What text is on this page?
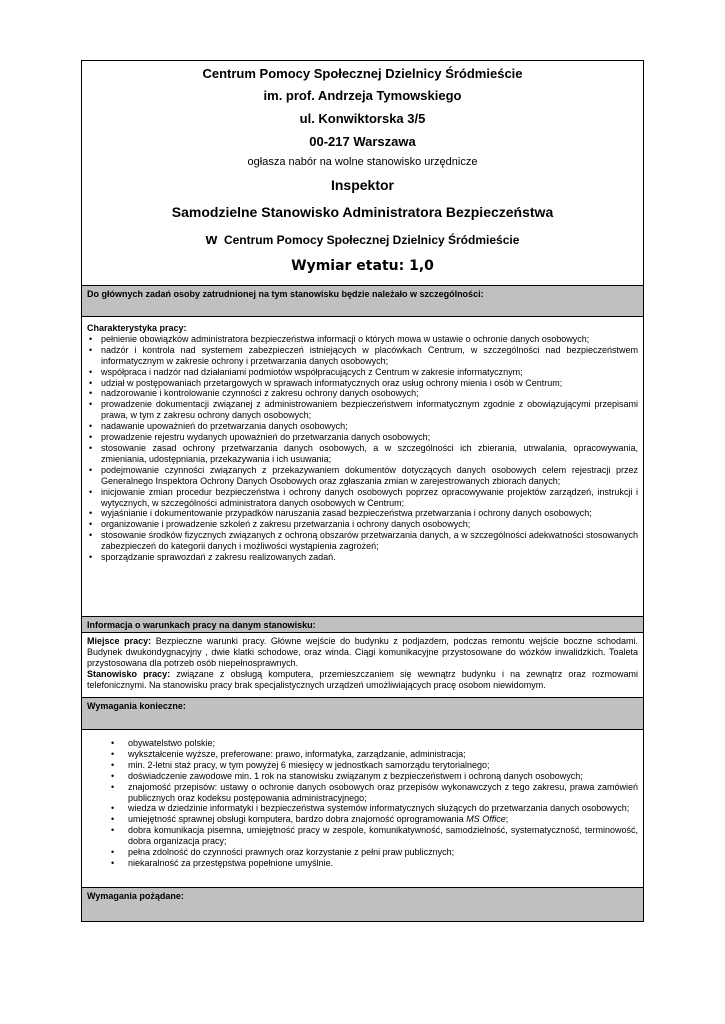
Centrum Pomocy Społecznej Dzielnicy Śródmieście
im. prof. Andrzeja Tymowskiego
ul. Konwiktorska 3/5
00-217 Warszawa
ogłasza nabór na wolne stanowisko urzędnicze
Inspektor
Samodzielne Stanowisko Administratora Bezpieczeństwa
w Centrum Pomocy Społecznej Dzielnicy Śródmieście
Wymiar etatu: 1,0
Do głównych zadań osoby zatrudnionej na tym stanowisku będzie należało w szczególności:
Charakterystyka pracy:
• pełnienie obowiązków administratora bezpieczeństwa informacji o których mowa w ustawie o ochronie danych osobowych;
• nadzór i kontrola nad systemem zabezpieczeń istniejących w placówkach Centrum, w szczególności nad bezpieczeństwem informatycznym w zakresie ochrony i przetwarzania danych osobowych;
• współpraca i nadzór nad działaniami podmiotów współpracujących z Centrum w zakresie informatycznym;
• udział w postępowaniach przetargowych w sprawach informatycznych oraz usług ochrony mienia i osób w Centrum;
• nadzorowanie i kontrolowanie czynności z zakresu ochrony danych osobowych;
• prowadzenie dokumentacji związanej z administrowaniem bezpieczeństwem informatycznym zgodnie z obowiązującymi przepisami prawa, w tym z zakresu ochrony danych osobowych;
• nadawanie upoważnień do przetwarzania danych osobowych;
• prowadzenie rejestru wydanych upoważnień do przetwarzania danych osobowych;
• stosowanie zasad ochrony przetwarzania danych osobowych, a w szczególności ich zbierania, utrwalania, opracowywania, zmieniania, udostępniania, przekazywania i ich usuwania;
• podejmowanie czynności związanych z przekazywaniem dokumentów dotyczących danych osobowych celem rejestracji przez Generalnego Inspektora Ochrony Danych Osobowych oraz zgłaszania zmian w zarejestrowanych zbiorach danych;
• inicjowanie zmian procedur bezpieczeństwa i ochrony danych osobowych poprzez opracowywanie projektów zarządzeń, instrukcji i wytycznych, w szczególności administratora danych osobowych w Centrum;
• wyjaśnianie i dokumentowanie przypadków naruszania zasad bezpieczeństwa przetwarzania i ochrony danych osobowych;
• organizowanie i prowadzenie szkoleń z zakresu przetwarzania i ochrony danych osobowych;
• stosowanie środków fizycznych związanych z ochroną obszarów przetwarzania danych, a w szczególności adekwatności stosowanych zabezpieczeń do kategorii danych i możliwości wystąpienia zagrożeń;
• sporządzanie sprawozdań z zakresu realizowanych zadań.
Informacja o warunkach pracy na danym stanowisku:
Miejsce pracy: Bezpieczne warunki pracy. Główne wejście do budynku z podjazdem, podczas remontu wejście boczne schodami. Budynek dwukondygnacyjny , dwie klatki schodowe, oraz winda. Ciągi komunikacyjne przystosowane do wózków inwalidzkich. Toaleta przystosowana dla potrzeb osób niepełnosprawnych.
Stanowisko pracy: związane z obsługą komputera, przemieszczaniem się wewnątrz budynku i na zewnątrz oraz rozmowami telefonicznymi. Na stanowisku pracy brak specjalistycznych urządzeń umożliwiających pracę osobom niewidomym.
Wymagania konieczne:
•	obywatelstwo polskie;
•	wykształcenie wyższe, preferowane: prawo, informatyka, zarządzanie, administracja;
•	min. 2-letni staż pracy, w tym powyżej 6 miesięcy w jednostkach samorządu terytorialnego;
•	doświadczenie zawodowe min. 1 rok na stanowisku związanym z bezpieczeństwem i ochroną danych osobowych;
•	znajomość przepisów: ustawy o ochronie danych osobowych oraz przepisów wykonawczych z tego zakresu, prawa zamówień publicznych oraz kodeksu postępowania administracyjnego;
•	wiedza w dziedzinie informatyki i bezpieczeństwa systemów informatycznych służących do przetwarzania danych osobowych;
•	umiejętność sprawnej obsługi komputera, bardzo dobra znajomość oprogramowania MS Office;
•	dobra komunikacja pisemna, umiejętność pracy w zespole, komunikatywność, samodzielność, systematyczność, terminowość, dobra organizacja pracy;
•	pełna zdolność do czynności prawnych oraz korzystanie z pełni praw publicznych;
•	niekaralność za przestępstwa popełnione umyślnie.
Wymagania pożądane:
